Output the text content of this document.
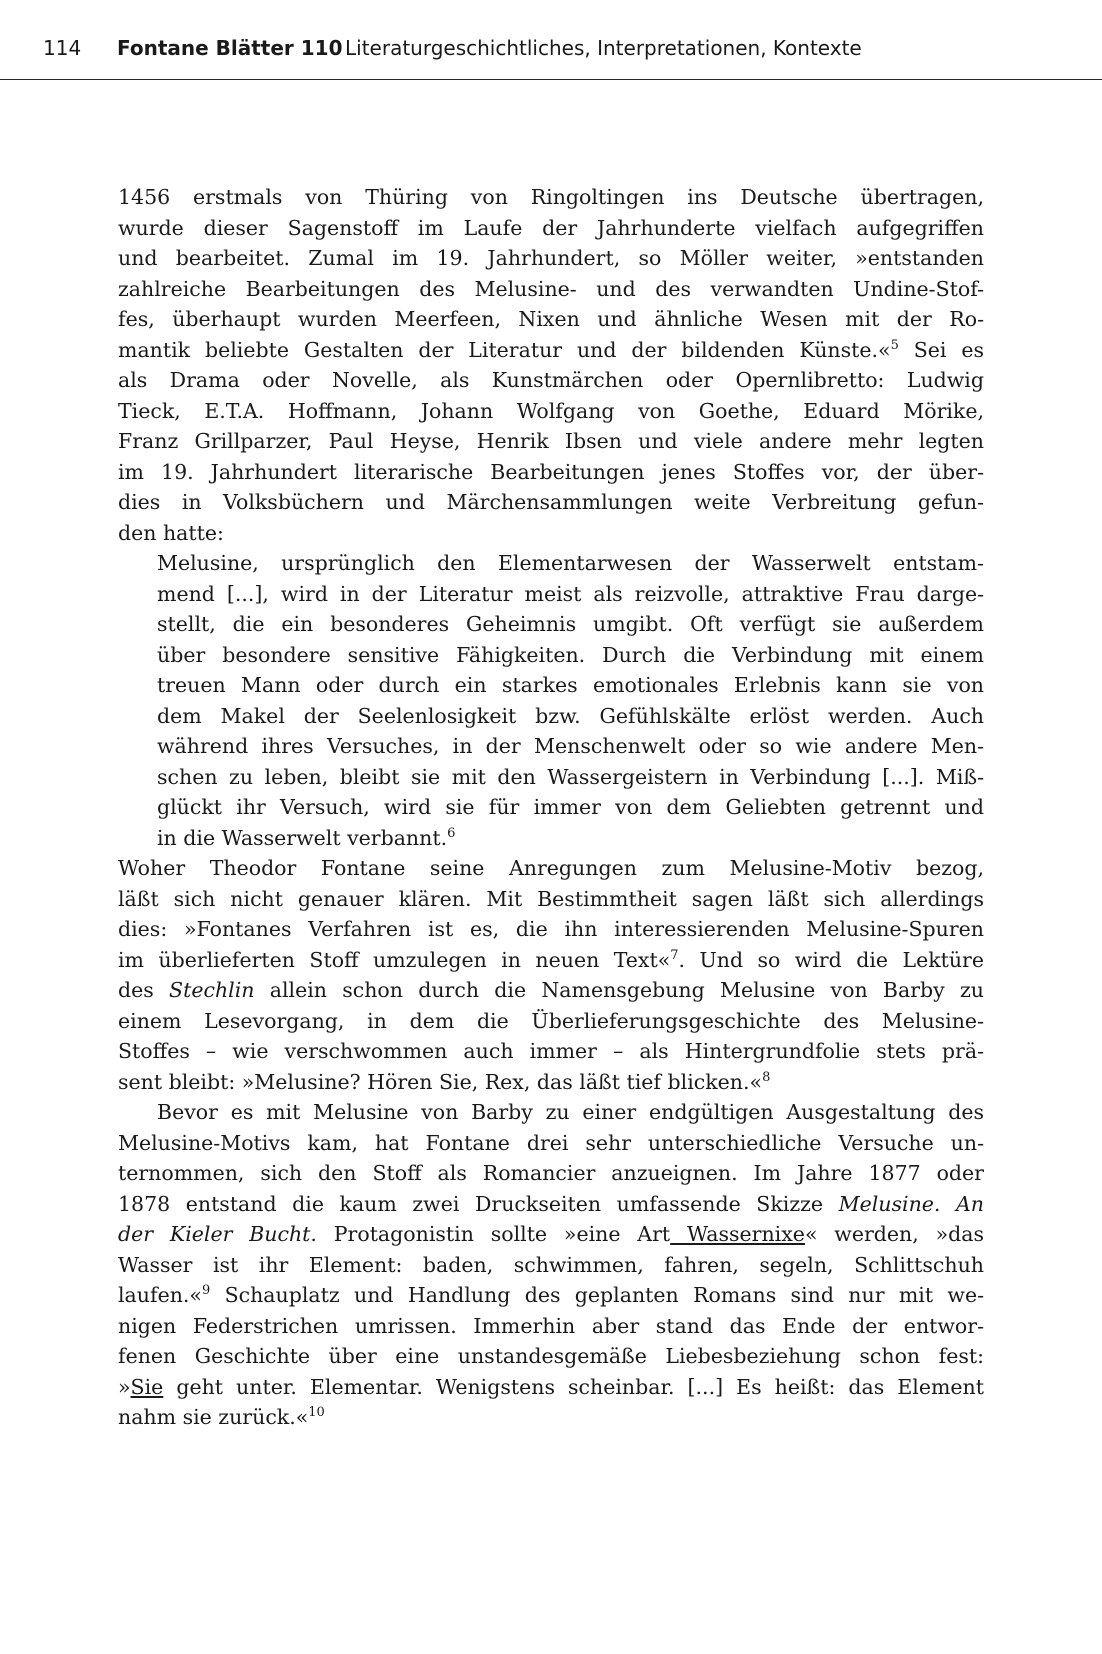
114 Fontane Blätter 110 Literaturgeschichtliches, Interpretationen, Kontexte

1456 erstmals von Thüring von Ringoltingen ins Deutsche übertragen,

wurde dieser Sagenstoff im Laufe der Jahrhunderte vielfach aufgegriffen

und bearbeitet. Zumal im 19. Jahrhundert, so Möller weiter, »entstanden

zahlreiche Bearbeitungen des Melusine- und des verwandten Undine-Stof-

fes, überhaupt wurden Meerfeen, Nixen und ähnliche Wesen mit der Ro-

mantik beliebte Gestalten der Literatur und der bildenden Künste.«$^5$ Sei es

als Drama oder Novelle, als Kunstmärchen oder Opernlibretto: Ludwig

Tieck, E.T.A. Hoffmann, Johann Wolfgang von Goethe, Eduard Mörike,

Franz Grillparzer, Paul Heyse, Henrik Ibsen und viele andere mehr legten

im 19. Jahrhundert literarische Bearbeitungen jenes Stoffes vor, der über-

dies in Volksbüchern und Märchensammlungen weite Verbreitung gefun-

den hatte:

Melusine, ursprünglich den Elementarwesen der Wasserwelt entstam-

mend [...], wird in der Literatur meist als reizvolle, attraktive Frau darge-

stellt, die ein besonderes Geheimnis umgibt. Oft verfügt sie außerdem

über besondere sensitive Fähigkeiten. Durch die Verbindung mit einem

treuen Mann oder durch ein starkes emotionales Erlebnis kann sie von

dem Makel der Seelenlosigkeit bzw. Gefühlskälte erlöst werden. Auch

während ihres Versuches, in der Menschenwelt oder so wie andere Men-

schen zu leben, bleibt sie mit den Wassergeistern in Verbindung [...]. Miß-

glückt ihr Versuch, wird sie für immer von dem Geliebten getrennt und

in die Wasserwelt verbannt.$^6$

Woher Theodor Fontane seine Anregungen zum Melusine-Motiv bezog,

läßt sich nicht genauer klären. Mit Bestimmtheit sagen läßt sich allerdings

dies: »Fontanes Verfahren ist es, die ihn interessierenden Melusine-Spuren

im überlieferten Stoff umzulegen in neuen Text«$^7$. Und so wird die Lektüre

des Stechlin allein schon durch die Namensgebung Melusine von Barby zu

einem Lesevorgang, in dem die Überlieferungsgeschichte des Melusine-

Stoffes – wie verschwommen auch immer – als Hintergrundfolie stets prä-

sent bleibt: »Melusine? Hören Sie, Rex, das läßt tief blicken.«$^8$

Bevor es mit Melusine von Barby zu einer endgültigen Ausgestaltung des

Melusine-Motivs kam, hat Fontane drei sehr unterschiedliche Versuche un-

ternommen, sich den Stoff als Romancier anzueignen. Im Jahre 1877 oder

1878 entstand die kaum zwei Druckseiten umfassende Skizze Melusine. An

der Kieler Bucht. Protagonistin sollte »eine Art Wassernixe« werden, »das

Wasser ist ihr Element: baden, schwimmen, fahren, segeln, Schlittschuh

laufen.«$^9$ Schauplatz und Handlung des geplanten Romans sind nur mit we-

nigen Federstrichen umrissen. Immerhin aber stand das Ende der entwor-

fenen Geschichte über eine unstandesgemäße Liebesbeziehung schon fest:

»Sie geht unter. Elementar. Wenigstens scheinbar. [...] Es heißt: das Element

nahm sie zurück.«$^{10}$
